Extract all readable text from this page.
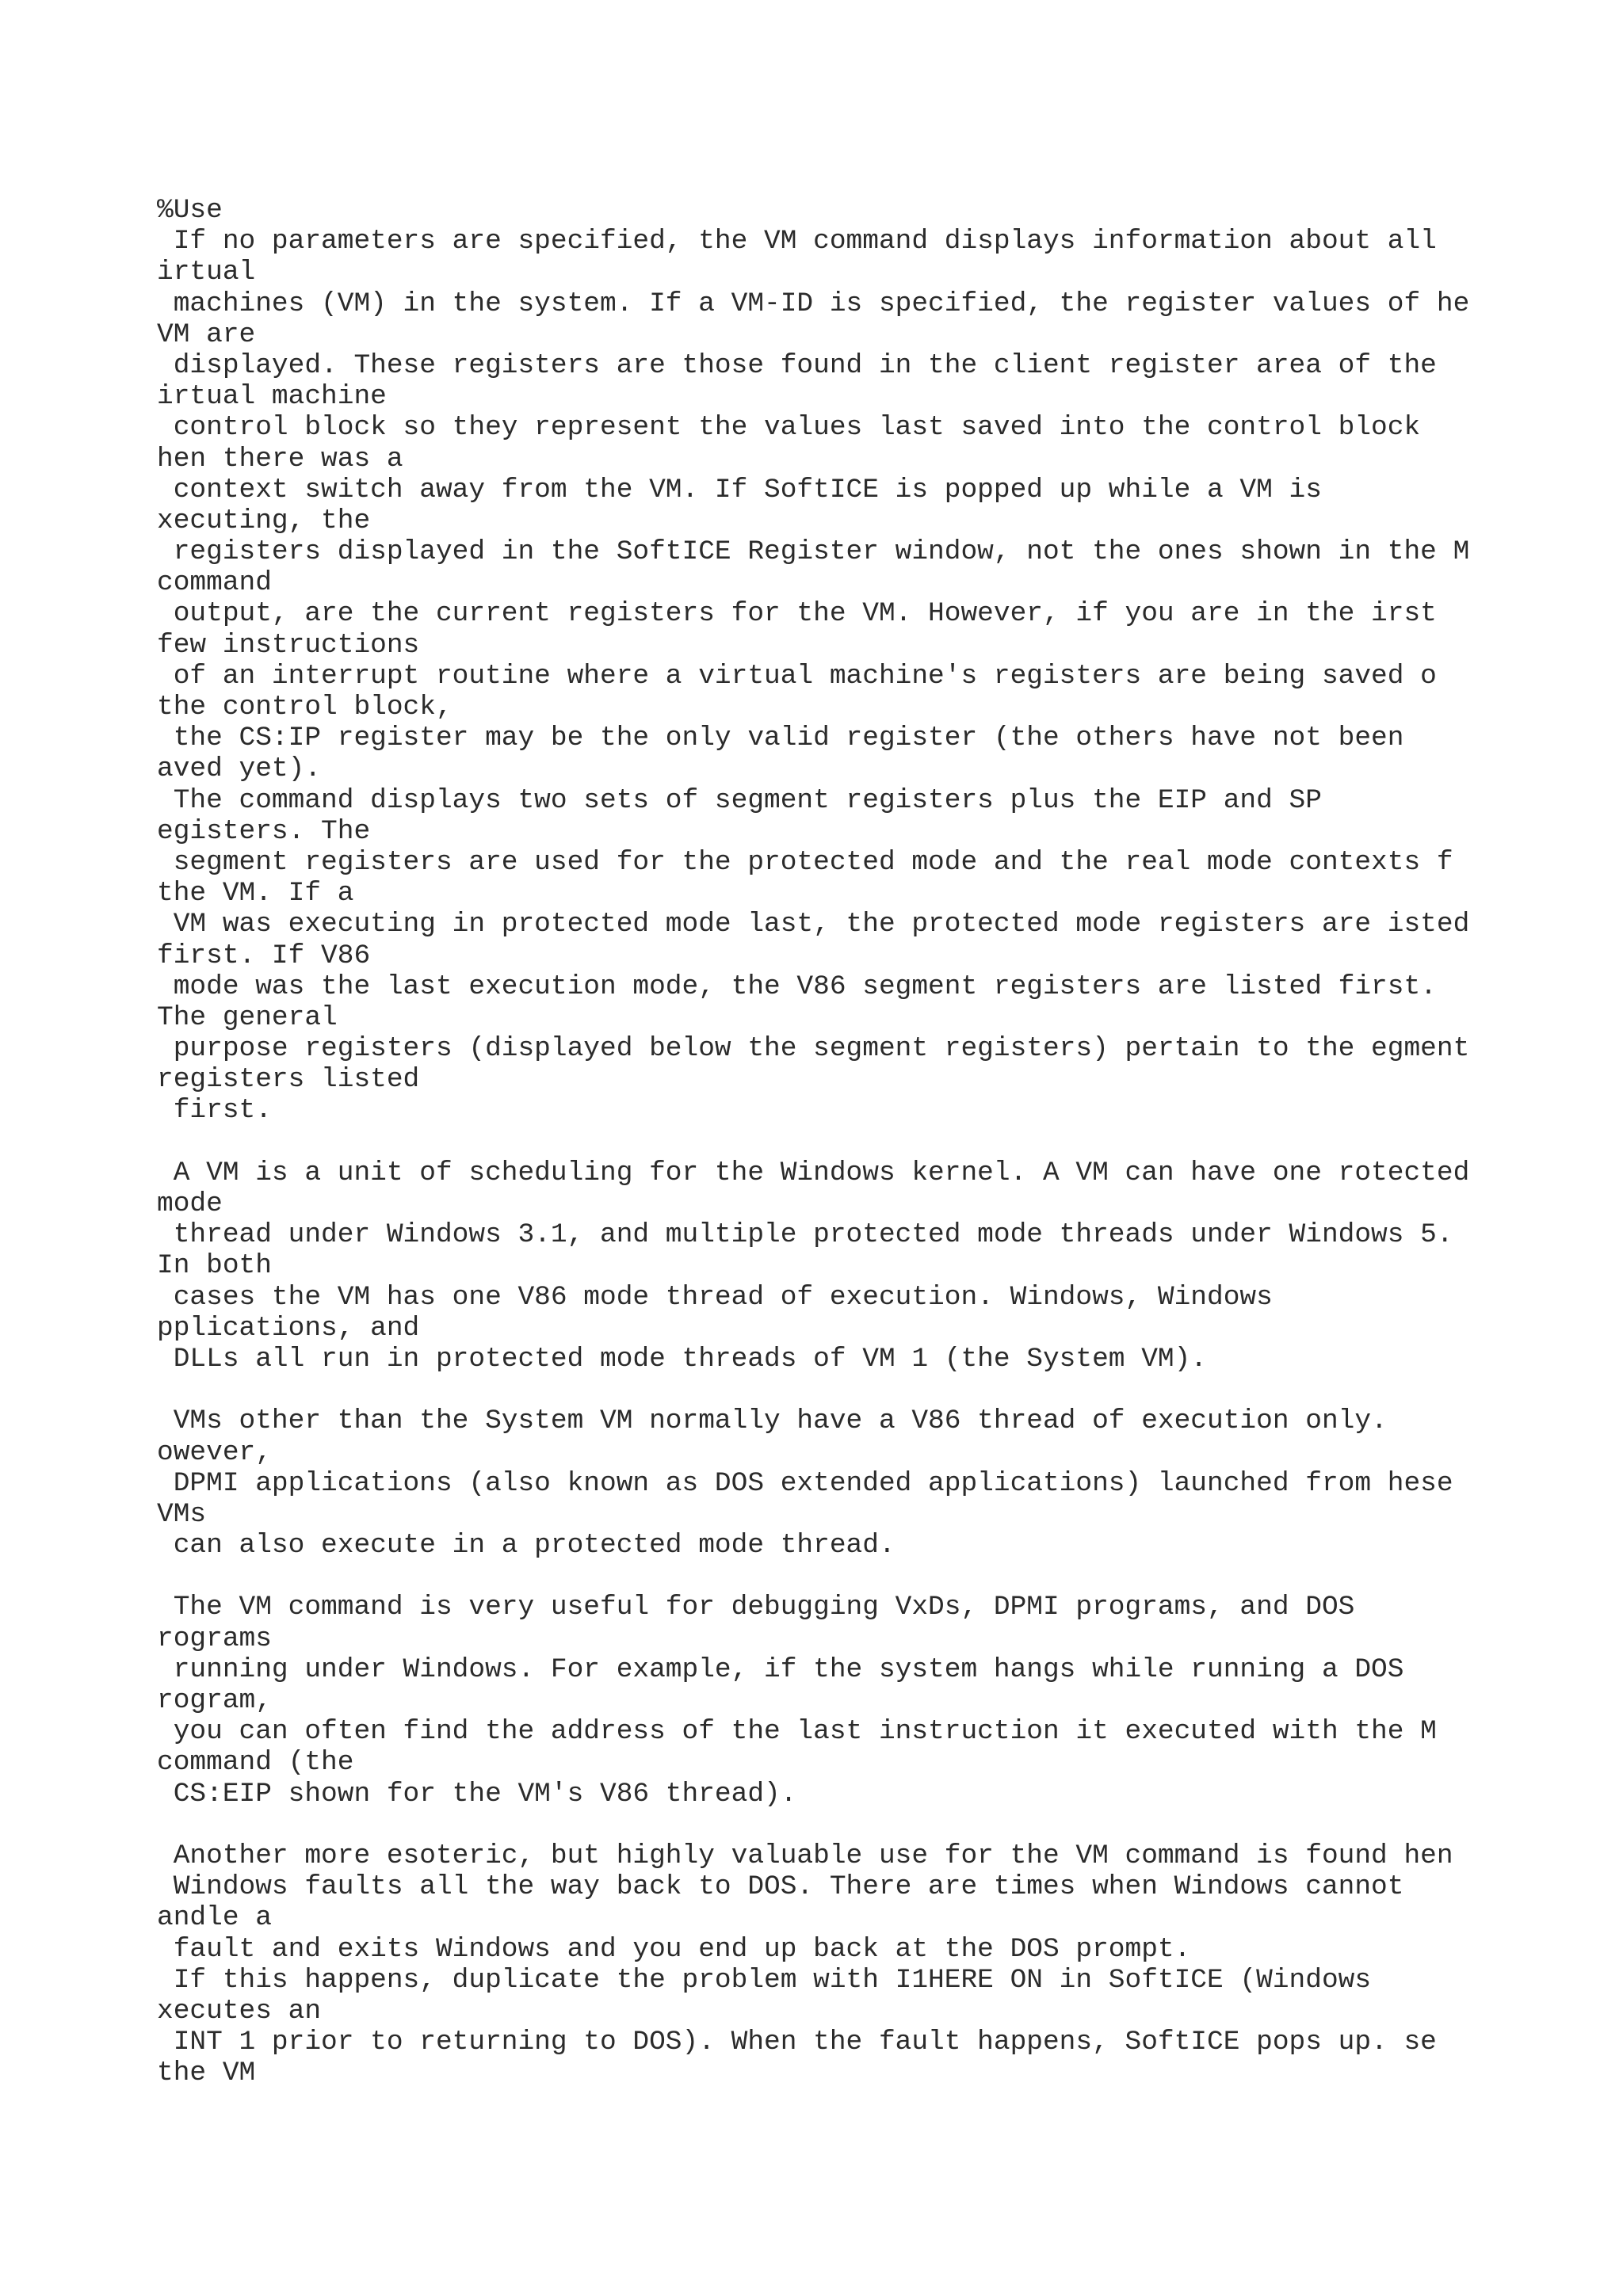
%Use
If no parameters are specified, the VM command displays information about all
irtual
machines (VM) in the system. If a VM-ID is specified, the register values of he
VM are
displayed. These registers are those found in the client register area of the
irtual machine
control block so they represent the values last saved into the control block
hen there was a
context switch away from the VM. If SoftICE is popped up while a VM is
xecuting, the
registers displayed in the SoftICE Register window, not the ones shown in the M
command
output, are the current registers for the VM. However, if you are in the irst
few instructions
of an interrupt routine where a virtual machine's registers are being saved o
the control block,
the CS:IP register may be the only valid register (the others have not been
aved yet).
The command displays two sets of segment registers plus the EIP and SP
egisters. The
segment registers are used for the protected mode and the real mode contexts f
the VM. If a
VM was executing in protected mode last, the protected mode registers are isted
first. If V86
mode was the last execution mode, the V86 segment registers are listed first.
The general
purpose registers (displayed below the segment registers) pertain to the egment
registers listed
first.
A VM is a unit of scheduling for the Windows kernel. A VM can have one rotected
mode
thread under Windows 3.1, and multiple protected mode threads under Windows 5.
In both
cases the VM has one V86 mode thread of execution. Windows, Windows
pplications, and
DLLs all run in protected mode threads of VM 1 (the System VM).
VMs other than the System VM normally have a V86 thread of execution only.
owever,
DPMI applications (also known as DOS extended applications) launched from hese
VMs
can also execute in a protected mode thread.
The VM command is very useful for debugging VxDs, DPMI programs, and DOS
rograms
running under Windows. For example, if the system hangs while running a DOS
rogram,
you can often find the address of the last instruction it executed with the M
command (the
CS:EIP shown for the VM's V86 thread).
Another more esoteric, but highly valuable use for the VM command is found hen
Windows faults all the way back to DOS. There are times when Windows cannot
andle a
fault and exits Windows and you end up back at the DOS prompt.
If this happens, duplicate the problem with I1HERE ON in SoftICE (Windows
xecutes an
INT 1 prior to returning to DOS). When the fault happens, SoftICE pops up. se
the VM
